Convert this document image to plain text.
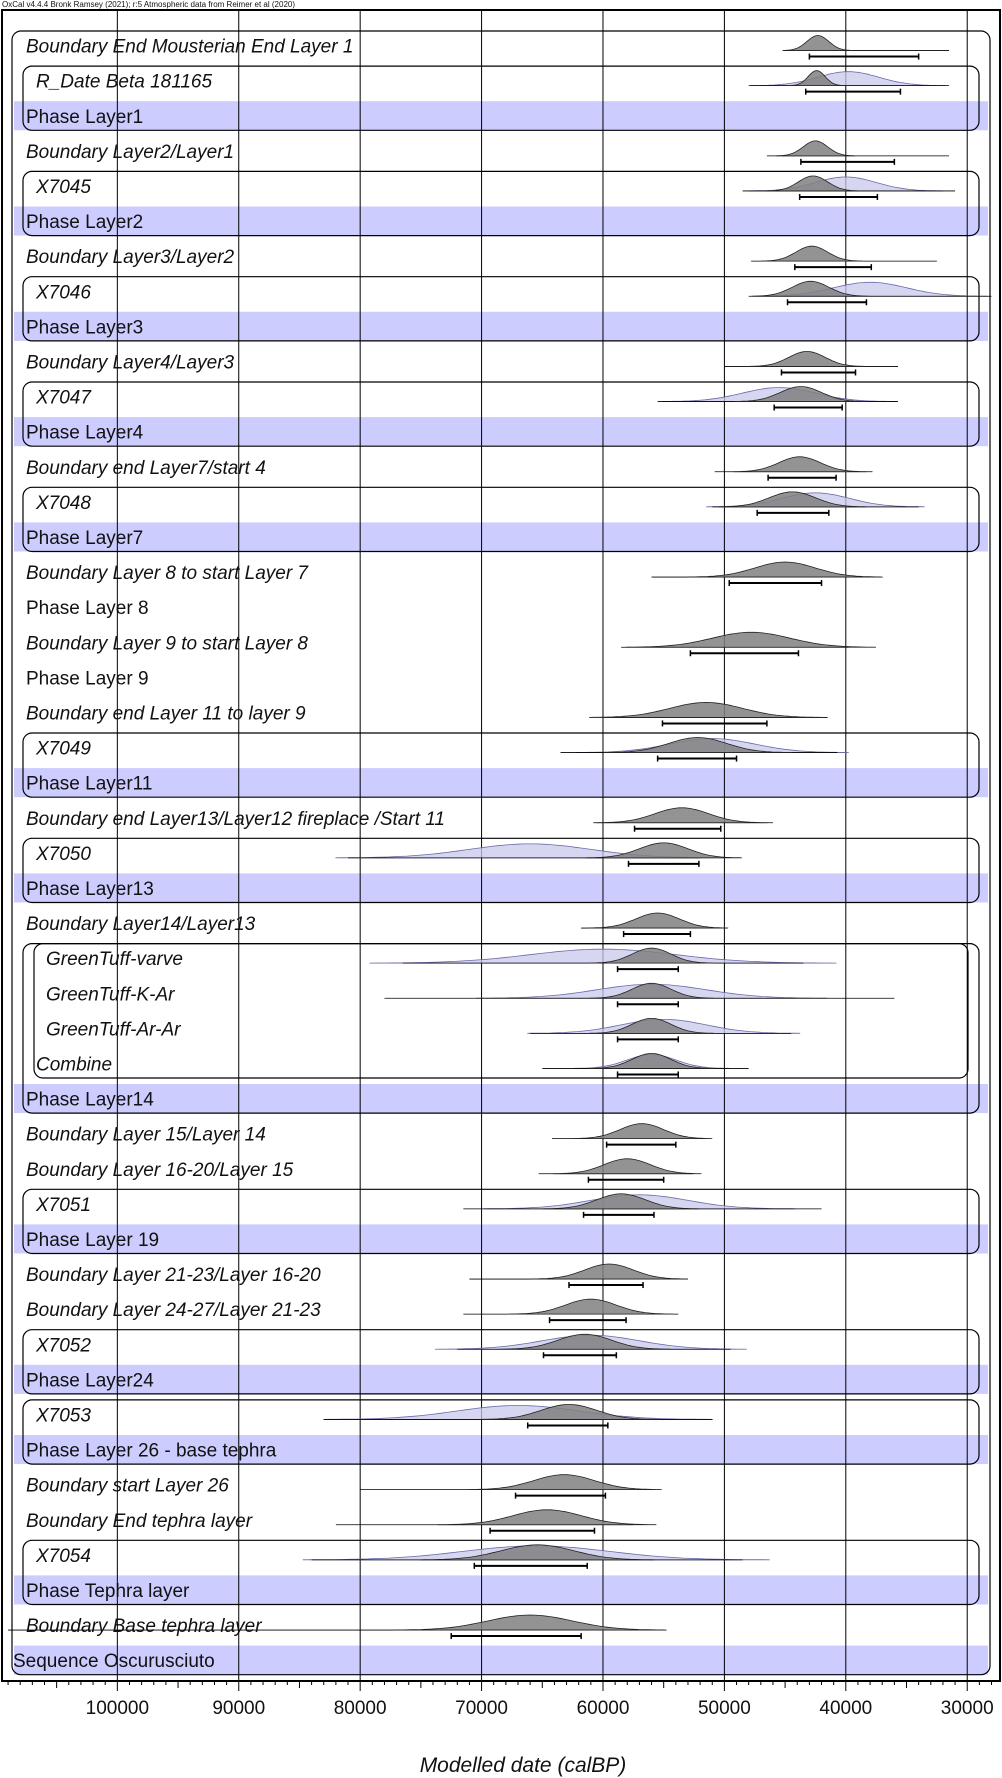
OxCal v4.4.4 Bronk Ramsey (2021); r:5 Atmospheric data from Reimer et al (2020)
Boundary End Mousterian End Layer 1
R_Date Beta 181165
Phase Layer1
Boundary Layer2/Layer1
X7045
Phase Layer2
Boundary Layer3/Layer2
X7046
Phase Layer3
Boundary Layer4/Layer3
X7047
Phase Layer4
Boundary end Layer7/start 4
X7048
Phase Layer7
Boundary Layer 8 to start Layer 7
Phase Layer 8
Boundary Layer 9 to start Layer 8
Phase Layer 9
Boundary end Layer 11 to layer 9
X7049
Phase Layer11
Boundary end Layer13/Layer12 fireplace /Start 11
X7050
Phase Layer13
Boundary Layer14/Layer13
GreenTuff-varve
GreenTuff-K-Ar
GreenTuff-Ar-Ar
Combine
Phase Layer14
Boundary Layer 15/Layer 14
Boundary Layer 16-20/Layer 15
X7051
Phase Layer 19
Boundary Layer 21-23/Layer 16-20
Boundary Layer 24-27/Layer 21-23
X7052
Phase Layer24
X7053
Phase Layer 26 - base tephra
Boundary start Layer 26
Boundary End tephra layer
X7054
Phase Tephra layer
Boundary Base tephra layer
Sequence Oscurusciuto
100000	90000	80000	70000	60000	50000	40000	30000
Modelled date (calBP)
